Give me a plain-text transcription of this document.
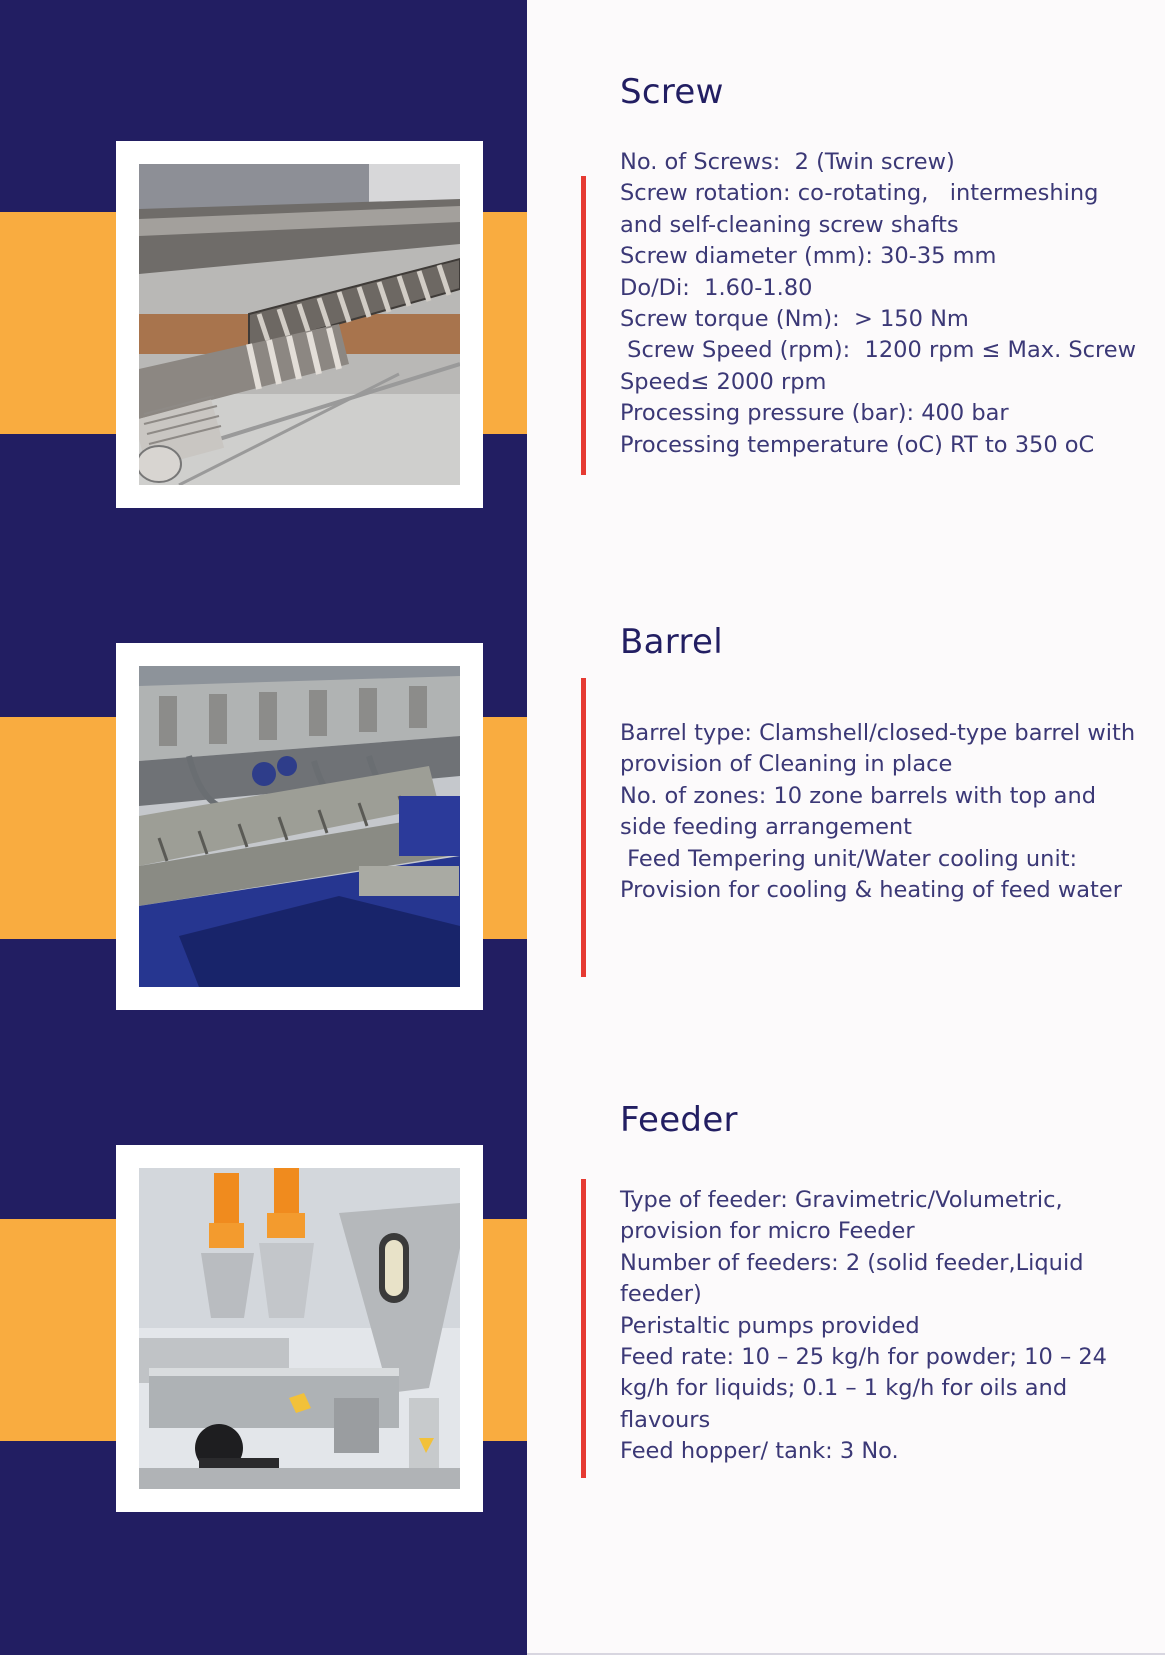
Screw
No. of Screws:  2 (Twin screw)
Screw rotation: co-rotating,   intermeshing and self-cleaning screw shafts
Screw diameter (mm): 30-35 mm
Do/Di:  1.60-1.80
Screw torque (Nm):  > 150 Nm
Screw Speed (rpm):  1200 rpm ≤ Max. Screw Speed≤ 2000 rpm
Processing pressure (bar): 400 bar
Processing temperature (oC) RT to 350 oC
Barrel
Barrel type: Clamshell/closed-type barrel with provision of Cleaning in place
No. of zones: 10 zone barrels with top and side feeding arrangement
Feed Tempering unit/Water cooling unit: Provision for cooling & heating of feed water
Feeder
Type of feeder: Gravimetric/Volumetric, provision for micro Feeder
Number of feeders: 2 (solid feeder,Liquid feeder)
Peristaltic pumps provided
Feed rate: 10 – 25 kg/h for powder; 10 – 24 kg/h for liquids; 0.1 – 1 kg/h for oils and flavours
Feed hopper/ tank: 3 No.
